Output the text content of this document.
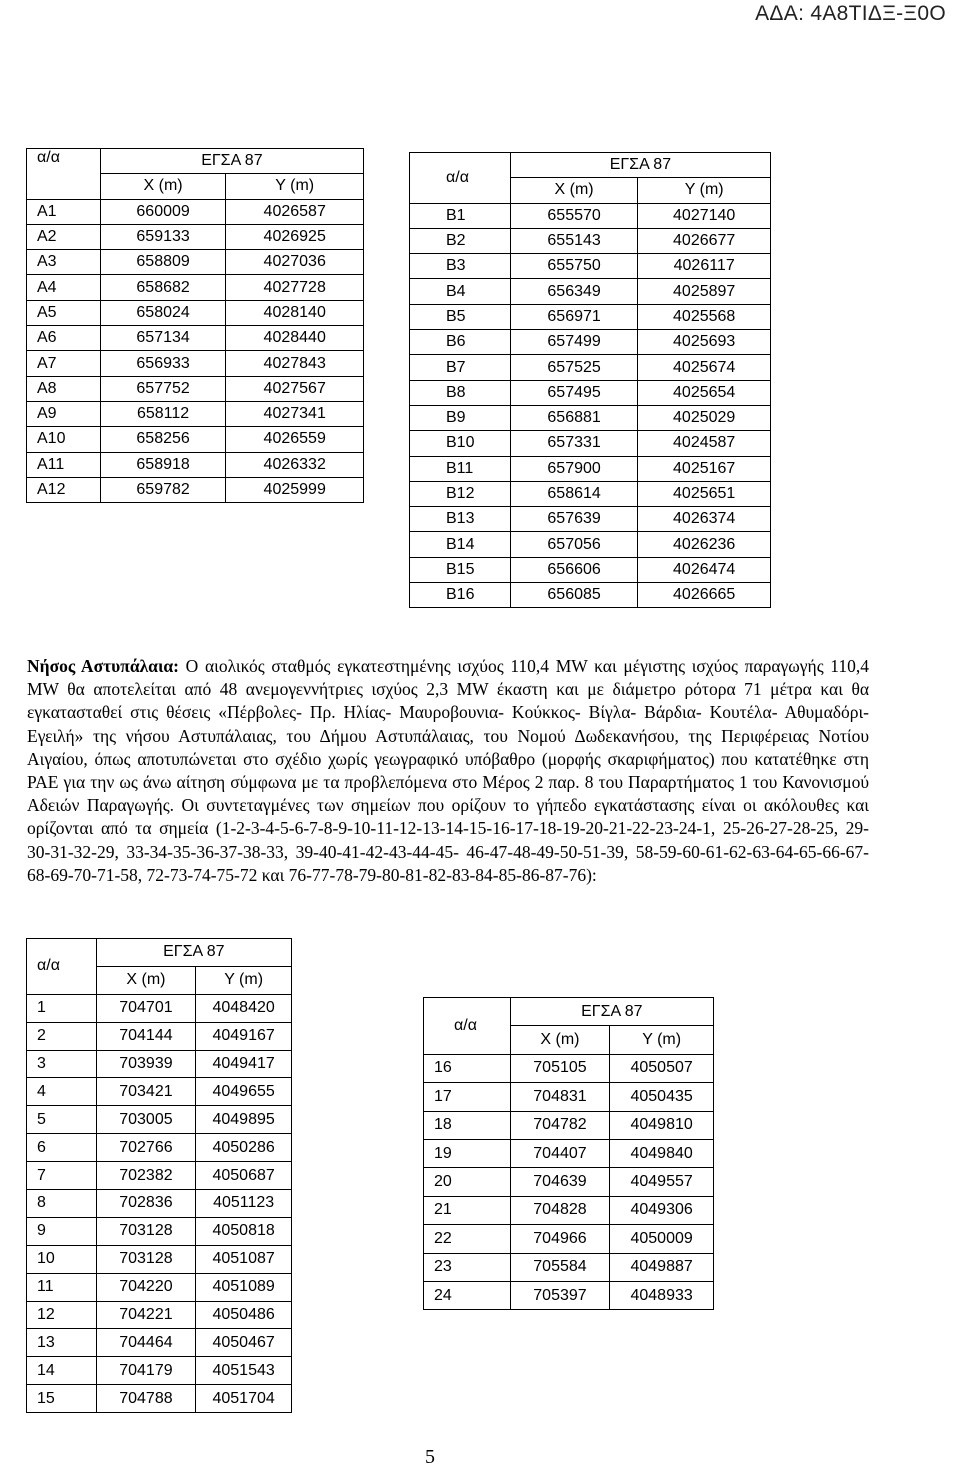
ΑΔΑ: 4Α8ΤΙΔΞ-Ξ0Ο
α/α	ΕΓΣΑ 87	
	X (m)	Y (m)
Α1	660009	4026587
Α2	659133	4026925
Α3	658809	4027036
Α4	658682	4027728
Α5	658024	4028140
Α6	657134	4028440
Α7	656933	4027843
Α8	657752	4027567
Α9	658112	4027341
Α10	658256	4026559
Α11	658918	4026332
Α12	659782	4025999
α/α	ΕΓΣΑ 87	
	X (m)	Y (m)
Β1	655570	4027140
Β2	655143	4026677
Β3	655750	4026117
Β4	656349	4025897
Β5	656971	4025568
Β6	657499	4025693
Β7	657525	4025674
Β8	657495	4025654
Β9	656881	4025029
Β10	657331	4024587
Β11	657900	4025167
Β12	658614	4025651
Β13	657639	4026374
Β14	657056	4026236
Β15	656606	4026474
Β16	656085	4026665

Νήσος Αστυπάλαια: Ο αιολικός σταθμός εγκατεστημένης ισχύος 110,4 MW και μέγιστης ισχύος παραγωγής 110,4 MW θα αποτελείται από 48 ανεμογεννήτριες ισχύος 2,3 MW έκαστη και με διάμετρο ρότορα 71 μέτρα και θα εγκατασταθεί στις θέσεις «Πέρβολες- Πρ. Ηλίας- Μαυροβουνια- Κούκκος- Βίγλα- Βάρδια- Κουτέλα- Αθυμαδόρι- Εγειλή» της νήσου Αστυπάλαιας, του Δήμου Αστυπάλαιας, του Νομού Δωδεκανήσου, της Περιφέρειας Νοτίου Αιγαίου, όπως αποτυπώνεται στο σχέδιο χωρίς γεωγραφικό υπόβαθρο (μορφής σκαριφήματος) που κατατέθηκε στη ΡΑΕ για την ως άνω αίτηση σύμφωνα με τα προβλεπόμενα στο Μέρος 2 παρ. 8 του Παραρτήματος 1 του Κανονισμού Αδειών Παραγωγής. Οι συντεταγμένες των σημείων που ορίζουν το γήπεδο εγκατάστασης είναι οι ακόλουθες και ορίζονται από τα σημεία (1-2-3-4-5-6-7-8-9-10-11-12-13-14-15-16-17-18-19-20-21-22-23-24-1, 25-26-27-28-25, 29-30-31-32-29, 33-34-35-36-37-38-33, 39-40-41-42-43-44-45- 46-47-48-49-50-51-39, 58-59-60-61-62-63-64-65-66-67-68-69-70-71-58, 72-73-74-75-72 και 76-77-78-79-80-81-82-83-84-85-86-87-76):

α/α	ΕΓΣΑ 87	
	X (m)	Y (m)
1	704701	4048420
2	704144	4049167
3	703939	4049417
4	703421	4049655
5	703005	4049895
6	702766	4050286
7	702382	4050687
8	702836	4051123
9	703128	4050818
10	703128	4051087
11	704220	4051089
12	704221	4050486
13	704464	4050467
14	704179	4051543
15	704788	4051704
α/α	ΕΓΣΑ 87	
	X (m)	Y (m)
16	705105	4050507
17	704831	4050435
18	704782	4049810
19	704407	4049840
20	704639	4049557
21	704828	4049306
22	704966	4050009
23	705584	4049887
24	705397	4048933
5
